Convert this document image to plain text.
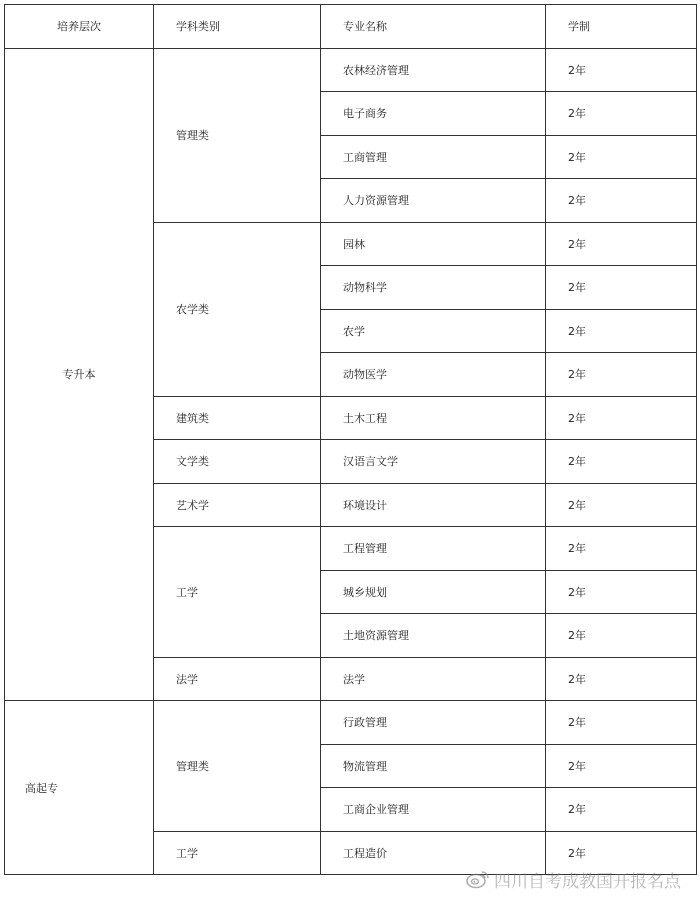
培养层次	学科类别	专业名称	学制
专升本	管理类	农林经济管理	2年
		电子商务	2年
		工商管理	2年
		人力资源管理	2年
	农学类	园林	2年
		动物科学	2年
		农学	2年
		动物医学	2年
	建筑类	土木工程	2年
	文学类	汉语言文学	2年
	艺术学	环境设计	2年
	工学	工程管理	2年
		城乡规划	2年
		土地资源管理	2年
	法学	法学	2年
高起专	管理类	行政管理	2年
		物流管理	2年
		工商企业管理	2年
	工学	工程造价	2年
四川自考成教国开报名点
